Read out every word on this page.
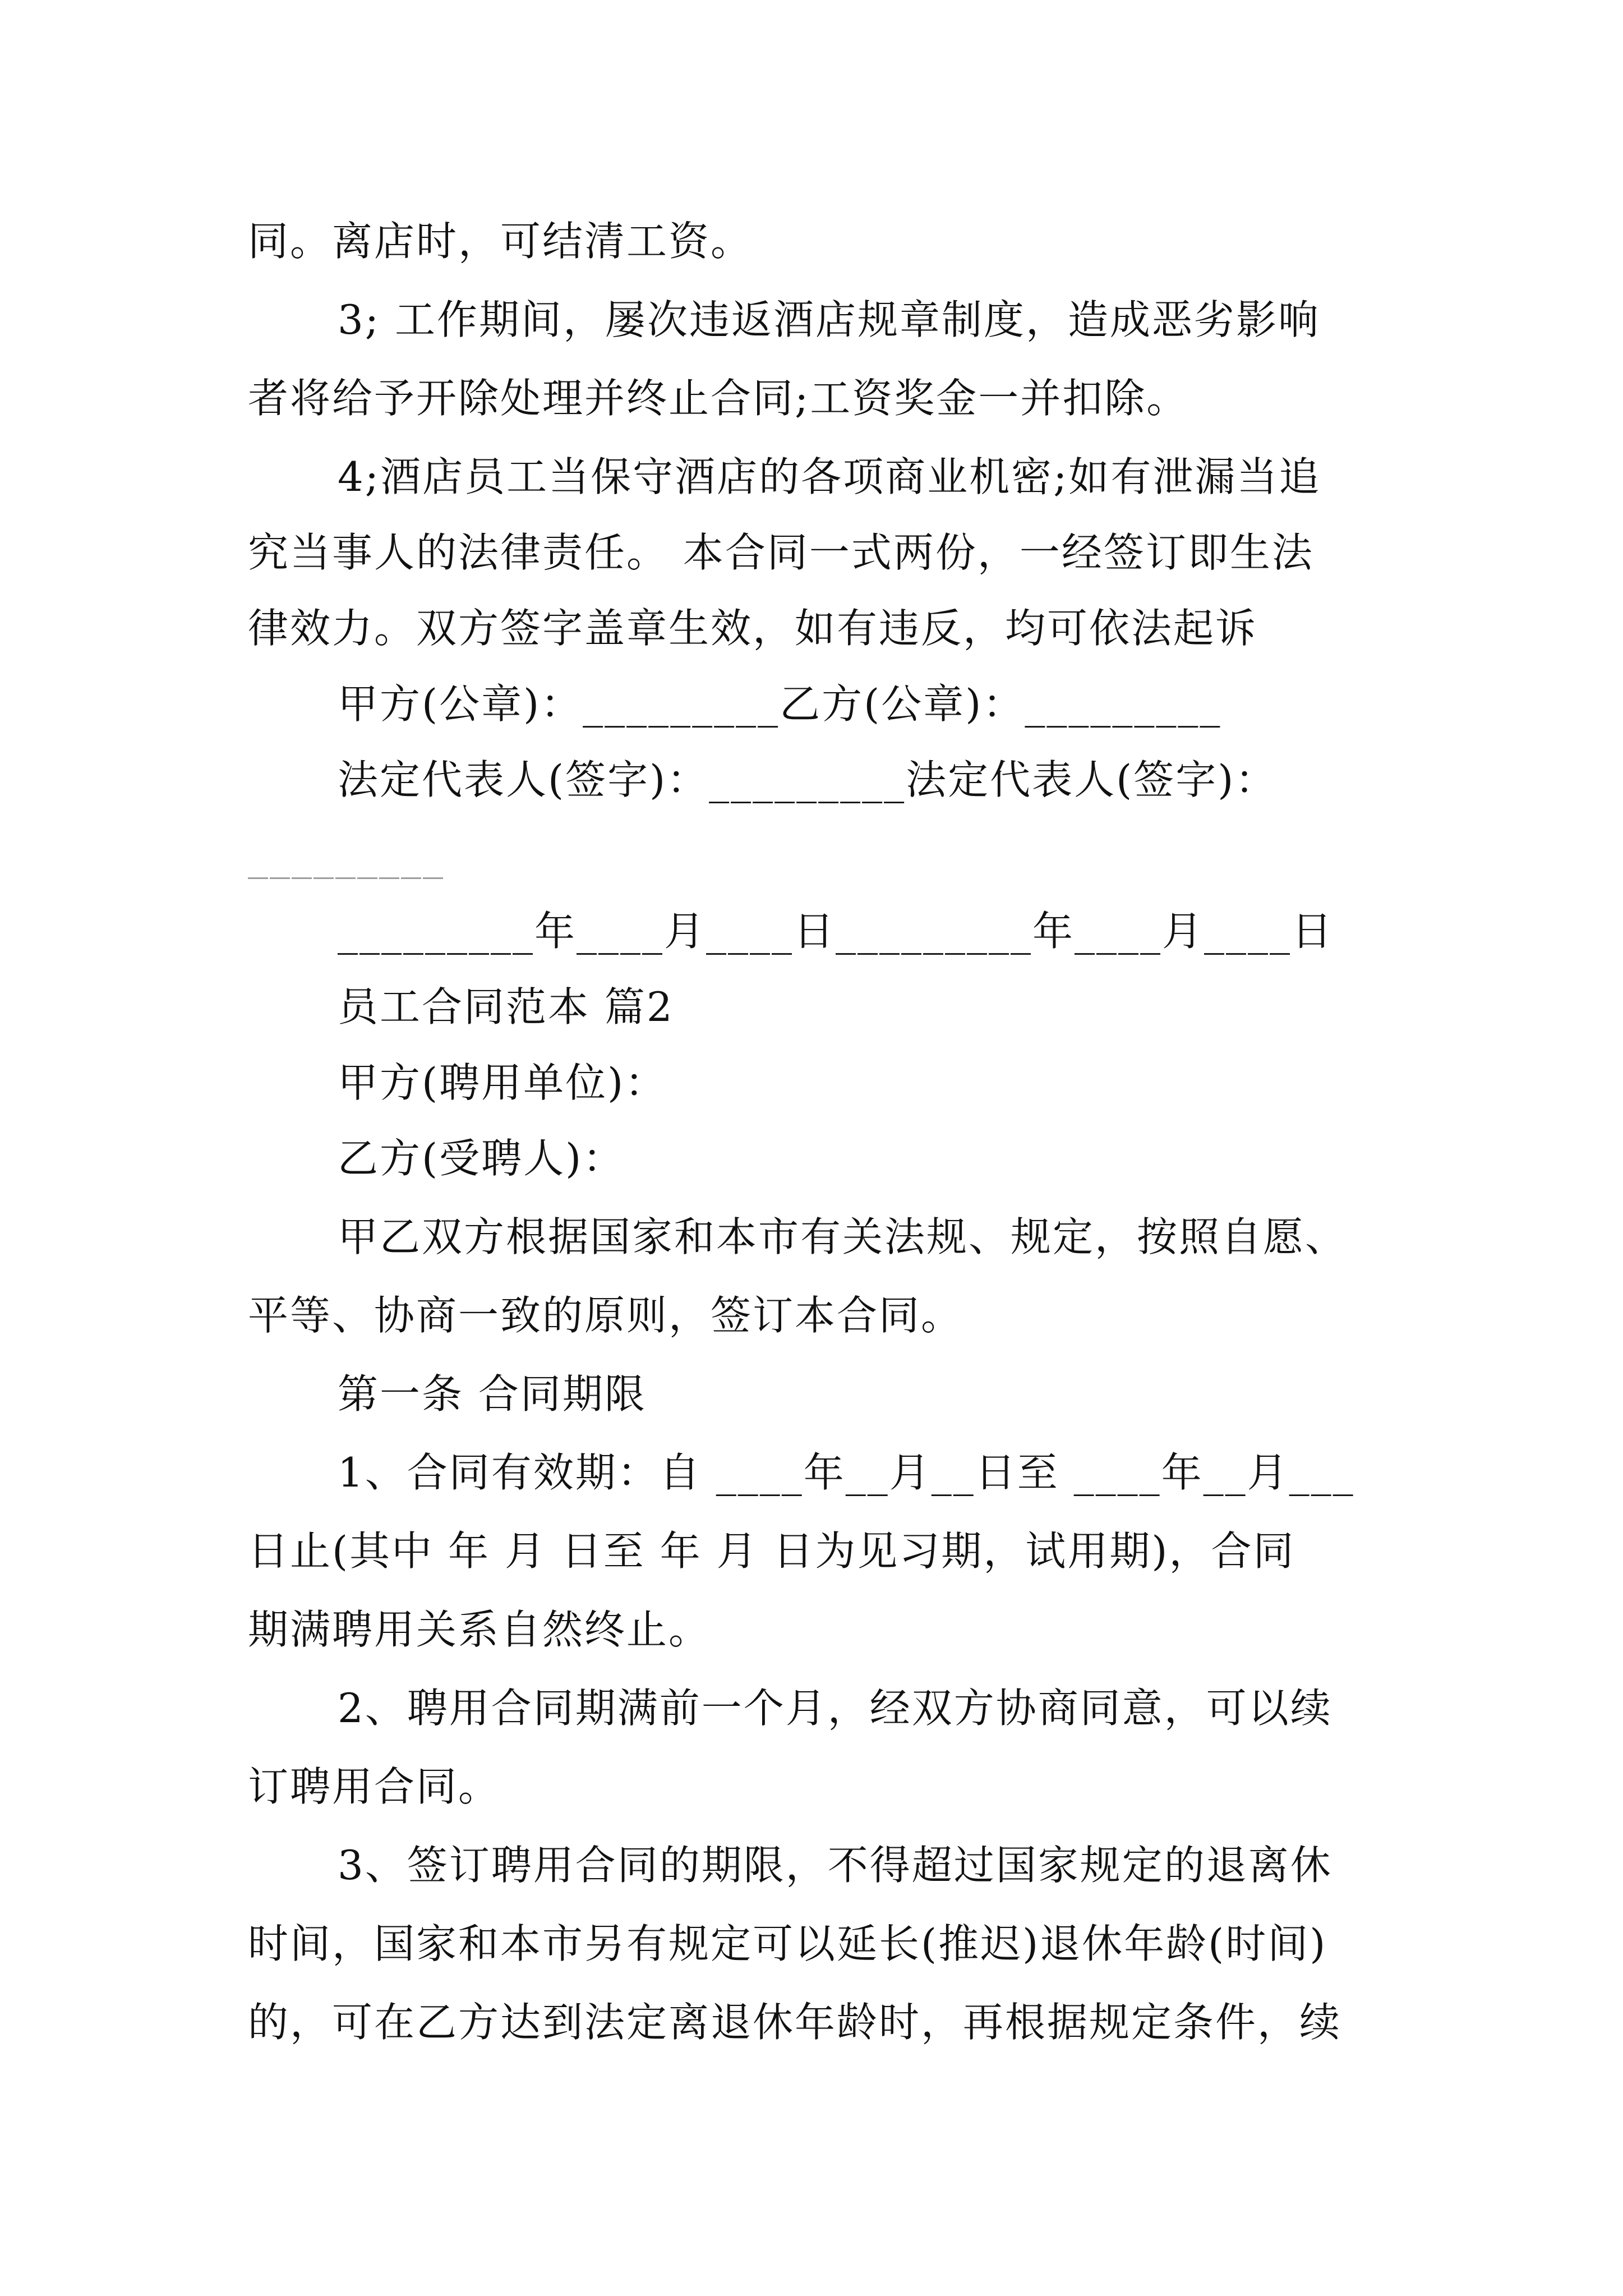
同。离店时，可结清工资。
3; 工作期间，屡次违返酒店规章制度，造成恶劣影响
者将给予开除处理并终止合同;工资奖金一并扣除。
4;酒店员工当保守酒店的各项商业机密;如有泄漏当追
究当事人的法律责任。 本合同一式两份，一经签订即生法
律效力。双方签字盖章生效，如有违反，均可依法起诉
甲方(公章)：_________乙方(公章)：_________
法定代表人(签字)：_________法定代表人(签字)：
_________
_________年____月____日_________年____月____日
员工合同范本 篇2
甲方(聘用单位)：
乙方(受聘人)：
甲乙双方根据国家和本市有关法规、规定，按照自愿、
平等、协商一致的原则，签订本合同。
第一条 合同期限
1、合同有效期：自 ____年__月__日至 ____年__月___
日止(其中 年 月 日至 年 月 日为见习期，试用期)，合同
期满聘用关系自然终止。
2、聘用合同期满前一个月，经双方协商同意，可以续
订聘用合同。
3、签订聘用合同的期限，不得超过国家规定的退离休
时间，国家和本市另有规定可以延长(推迟)退休年龄(时间)
的，可在乙方达到法定离退休年龄时，再根据规定条件，续
